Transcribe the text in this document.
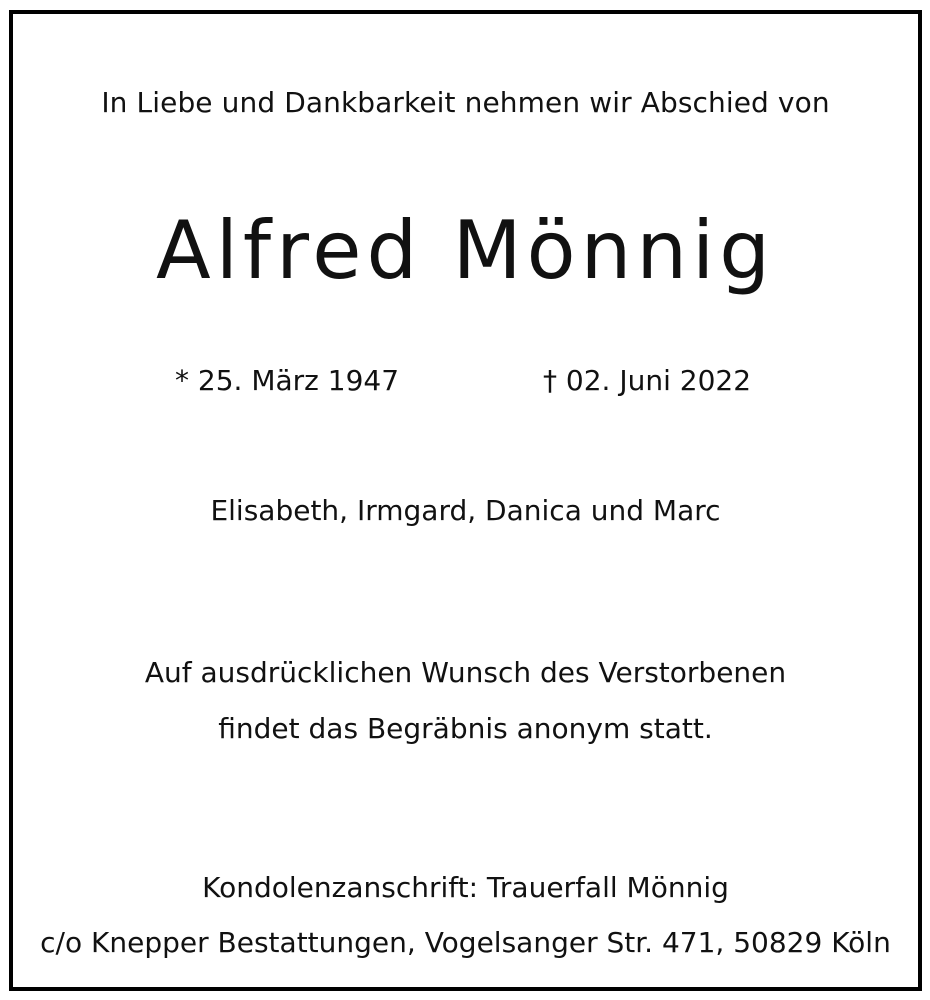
In Liebe und Dankbarkeit nehmen wir Abschied von
Alfred Mönnig
* 25. März 1947	† 02. Juni 2022
Elisabeth, Irmgard, Danica und Marc
Auf ausdrücklichen Wunsch des Verstorbenen
findet das Begräbnis anonym statt.
Kondolenzanschrift: Trauerfall Mönnig
c/o Knepper Bestattungen, Vogelsanger Str. 471, 50829 Köln
